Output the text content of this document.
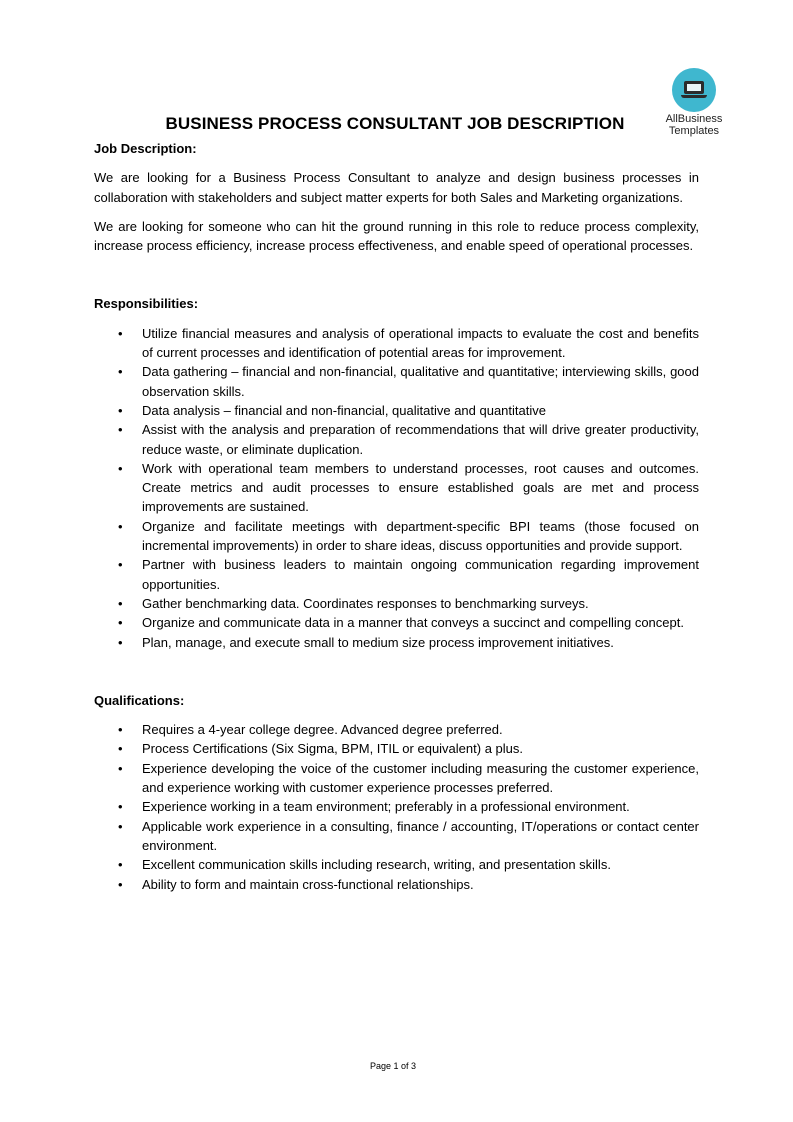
AllBusiness
Templates
BUSINESS PROCESS CONSULTANT JOB DESCRIPTION
Job Description:

We are looking for a Business Process Consultant to analyze and design business processes in collaboration with stakeholders and subject matter experts for both Sales and Marketing organizations.

We are looking for someone who can hit the ground running in this role to reduce process complexity, increase process efficiency, increase process effectiveness, and enable speed of operational processes.

Responsibilities:
• Utilize financial measures and analysis of operational impacts to evaluate the cost and benefits of current processes and identification of potential areas for improvement.
• Data gathering – financial and non-financial, qualitative and quantitative; interviewing skills, good observation skills.
• Data analysis – financial and non-financial, qualitative and quantitative
• Assist with the analysis and preparation of recommendations that will drive greater productivity, reduce waste, or eliminate duplication.
• Work with operational team members to understand processes, root causes and outcomes. Create metrics and audit processes to ensure established goals are met and process improvements are sustained.
• Organize and facilitate meetings with department-specific BPI teams (those focused on incremental improvements) in order to share ideas, discuss opportunities and provide support.
• Partner with business leaders to maintain ongoing communication regarding improvement opportunities.
• Gather benchmarking data. Coordinates responses to benchmarking surveys.
• Organize and communicate data in a manner that conveys a succinct and compelling concept.
• Plan, manage, and execute small to medium size process improvement initiatives.
Qualifications:
• Requires a 4-year college degree. Advanced degree preferred.
• Process Certifications (Six Sigma, BPM, ITIL or equivalent) a plus.
• Experience developing the voice of the customer including measuring the customer experience, and experience working with customer experience processes preferred.
• Experience working in a team environment; preferably in a professional environment.
• Applicable work experience in a consulting, finance / accounting, IT/operations or contact center environment.
• Excellent communication skills including research, writing, and presentation skills.
• Ability to form and maintain cross-functional relationships.
Page 1 of 3
